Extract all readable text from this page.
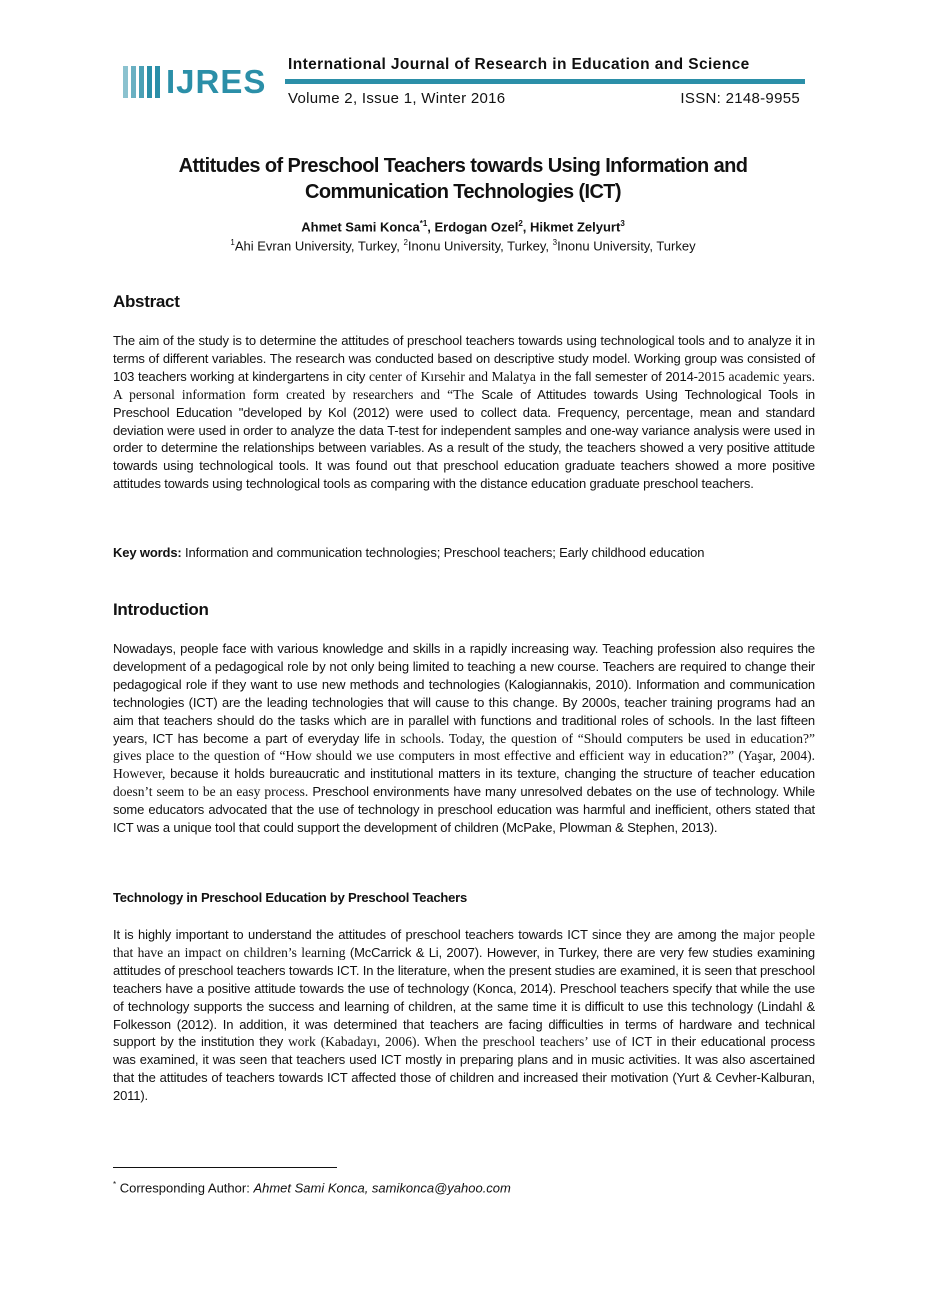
IJRES International Journal of Research in Education and Science
Volume 2, Issue 1, Winter 2016	ISSN: 2148-9955
Attitudes of Preschool Teachers towards Using Information and
Communication Technologies (ICT)
Ahmet Sami Konca$^{*1}$, Erdogan Ozel$^2$, Hikmet Zelyurt$^3$
$^1$Ahi Evran University, Turkey, $^2$Inonu University, Turkey, $^3$Inonu University, Turkey
Abstract
The aim of the study is to determine the attitudes of preschool teachers towards using technological tools and to analyze it in terms of different variables. The research was conducted based on descriptive study model. Working group was consisted of 103 teachers working at kindergartens in city center of Kırsehir and Malatya in the fall semester of 2014-2015 academic years. A personal information form created by researchers and “The Scale of Attitudes towards Using Technological Tools in Preschool Education "developed by Kol (2012) were used to collect data. Frequency, percentage, mean and standard deviation were used in order to analyze the data T-test for independent samples and one-way variance analysis were used in order to determine the relationships between variables. As a result of the study, the teachers showed a very positive attitude towards using technological tools. It was found out that preschool education graduate teachers showed a more positive attitudes towards using technological tools as comparing with the distance education graduate preschool teachers.
Key words: Information and communication technologies; Preschool teachers; Early childhood education
Introduction
Nowadays, people face with various knowledge and skills in a rapidly increasing way. Teaching profession also requires the development of a pedagogical role by not only being limited to teaching a new course. Teachers are required to change their pedagogical role if they want to use new methods and technologies (Kalogiannakis, 2010). Information and communication technologies (ICT) are the leading technologies that will cause to this change. By 2000s, teacher training programs had an aim that teachers should do the tasks which are in parallel with functions and traditional roles of schools. In the last fifteen years, ICT has become a part of everyday life in schools. Today, the question of “Should computers be used in education?” gives place to the question of “How should we use computers in most effective and efficient way in education?” (Yaşar, 2004). However, because it holds bureaucratic and institutional matters in its texture, changing the structure of teacher education doesn’t seem to be an easy process. Preschool environments have many unresolved debates on the use of technology. While some educators advocated that the use of technology in preschool education was harmful and inefficient, others stated that ICT was a unique tool that could support the development of children (McPake, Plowman & Stephen, 2013).
Technology in Preschool Education by Preschool Teachers
It is highly important to understand the attitudes of preschool teachers towards ICT since they are among the major people that have an impact on children’s learning (McCarrick & Li, 2007). However, in Turkey, there are very few studies examining attitudes of preschool teachers towards ICT. In the literature, when the present studies are examined, it is seen that preschool teachers have a positive attitude towards the use of technology (Konca, 2014). Preschool teachers specify that while the use of technology supports the success and learning of children, at the same time it is difficult to use this technology (Lindahl & Folkesson (2012). In addition, it was determined that teachers are facing difficulties in terms of hardware and technical support by the institution they work (Kabadayı, 2006). When the preschool teachers’ use of ICT in their educational process was examined, it was seen that teachers used ICT mostly in preparing plans and in music activities. It was also ascertained that the attitudes of teachers towards ICT affected those of children and increased their motivation (Yurt & Cevher-Kalburan, 2011).
* Corresponding Author: Ahmet Sami Konca, samikonca@yahoo.com
